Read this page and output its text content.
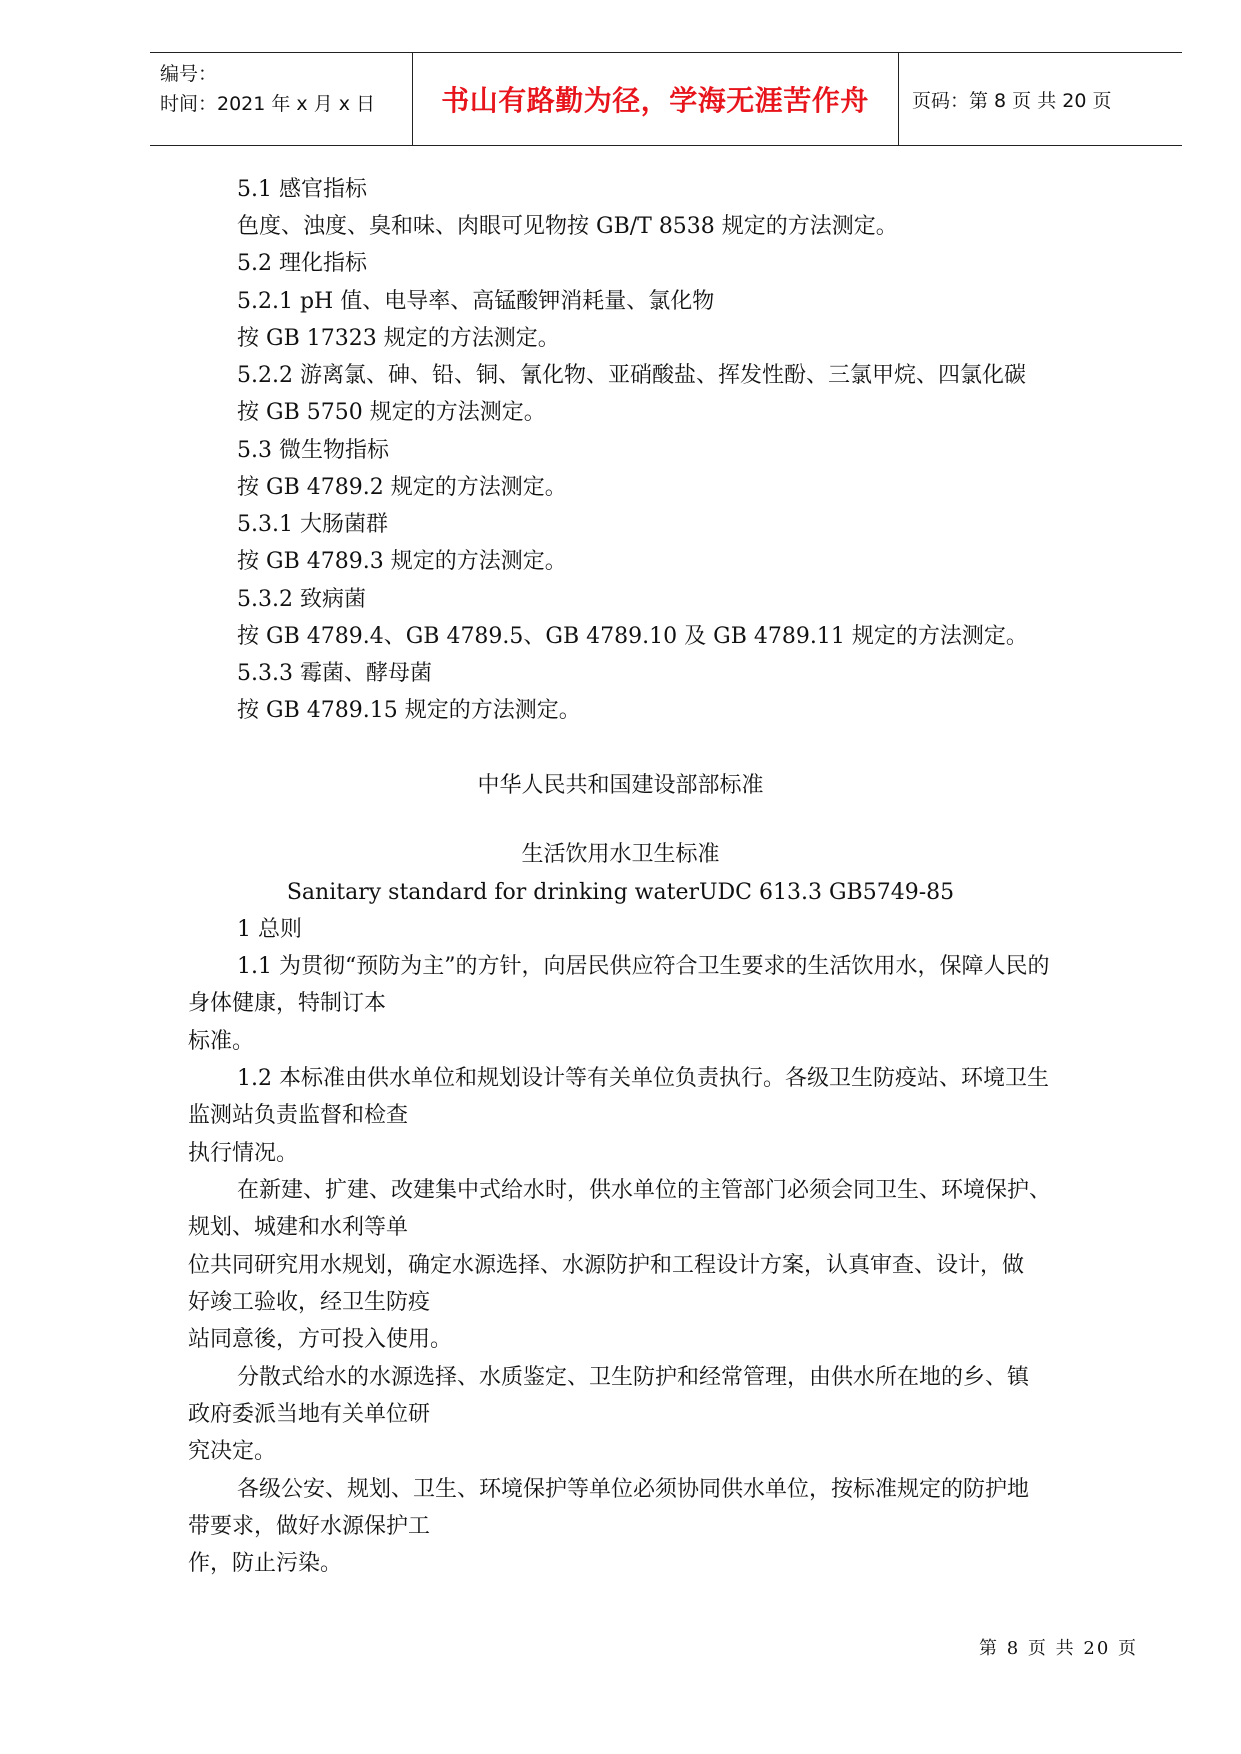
编号：
时间：2021 年 x 月 x 日	书山有路勤为径，学海无涯苦作舟	页码：第 8 页 共 20 页
5.1 感官指标
色度、浊度、臭和味、肉眼可见物按 GB/T 8538 规定的方法测定。
5.2 理化指标
5.2.1 pH 值、电导率、高锰酸钾消耗量、氯化物
按 GB 17323 规定的方法测定。
5.2.2 游离氯、砷、铅、铜、氰化物、亚硝酸盐、挥发性酚、三氯甲烷、四氯化碳
按 GB 5750 规定的方法测定。
5.3 微生物指标
按 GB 4789.2 规定的方法测定。
5.3.1 大肠菌群
按 GB 4789.3 规定的方法测定。
5.3.2 致病菌
按 GB 4789.4、GB 4789.5、GB 4789.10 及 GB 4789.11 规定的方法测定。
5.3.3 霉菌、酵母菌
按 GB 4789.15 规定的方法测定。
中华人民共和国建设部部标准
生活饮用水卫生标准
Sanitary standard for drinking waterUDC 613.3 GB5749-85
1 总则
1.1 为贯彻“预防为主”的方针，向居民供应符合卫生要求的生活饮用水，保障人民的
身体健康，特制订本
标准。
1.2 本标准由供水单位和规划设计等有关单位负责执行。各级卫生防疫站、环境卫生
监测站负责监督和检查
执行情况。
在新建、扩建、改建集中式给水时，供水单位的主管部门必须会同卫生、环境保护、
规划、城建和水利等单
位共同研究用水规划，确定水源选择、水源防护和工程设计方案，认真审查、设计，做
好竣工验收，经卫生防疫
站同意後，方可投入使用。
分散式给水的水源选择、水质鉴定、卫生防护和经常管理，由供水所在地的乡、镇
政府委派当地有关单位研
究决定。
各级公安、规划、卫生、环境保护等单位必须协同供水单位，按标准规定的防护地
带要求，做好水源保护工
作，防止污染。
第 8 页 共 20 页
